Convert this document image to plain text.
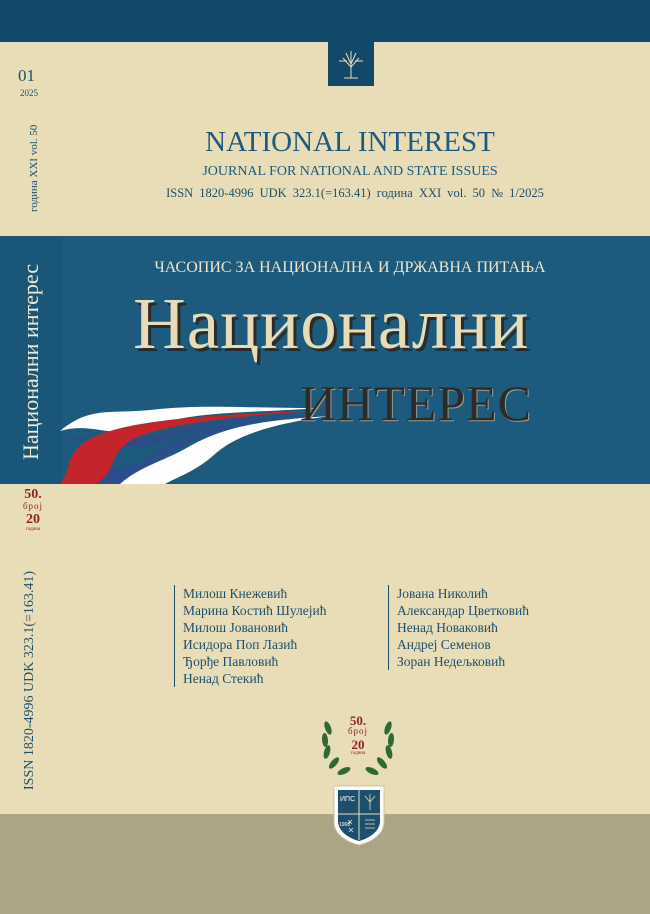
01
2025
година XXI vol. 50	NATIONAL INTEREST
JOURNAL FOR NATIONAL AND STATE ISSUES
ISSN 1820-4996 UDK 323.1(=163.41) година XXI vol. 50 № 1/2025
ЧАСОПИС ЗА НАЦИОНАЛНА И ДРЖАВНА ПИТАЊА
Национални
ИНТЕРЕС
Национални интерес
50.
број
20
година
ISSN 1820-4996 UDK 323.1(=163.41)	Милош Кнежевић
Марина Костић Шулејић
Милош Јовановић
Исидора Поп Лазић
Ђорђе Павловић
Ненад Стекић
Јована Николић
Александар Цветковић
Ненад Новаковић
Андреј Семенов
Зоран Недељковић
50.
број
20
година
ИПС
1968
